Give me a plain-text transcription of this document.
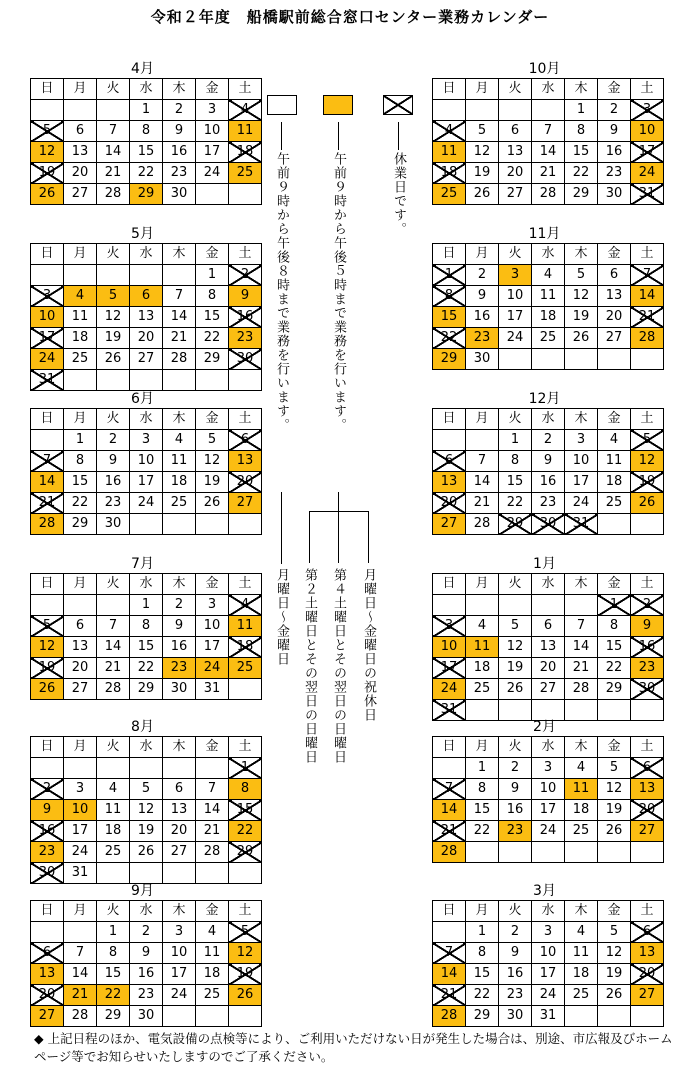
令和２年度　船橋駅前総合窓口センター業務カレンダー
4月
日	月	火	水	木	金	土
			1	2	3	4
5	6	7	8	9	10	11
12	13	14	15	16	17	18
19	20	21	22	23	24	25
26	27	28	29	30		
5月
日	月	火	水	木	金	土
					1	2
3	4	5	6	7	8	9
10	11	12	13	14	15	16
17	18	19	20	21	22	23
24	25	26	27	28	29	30
31						
6月
日	月	火	水	木	金	土
	1	2	3	4	5	6
7	8	9	10	11	12	13
14	15	16	17	18	19	20
21	22	23	24	25	26	27
28	29	30				
7月
日	月	火	水	木	金	土
			1	2	3	4
5	6	7	8	9	10	11
12	13	14	15	16	17	18
19	20	21	22	23	24	25
26	27	28	29	30	31	
8月
日	月	火	水	木	金	土
						1
2	3	4	5	6	7	8
9	10	11	12	13	14	15
16	17	18	19	20	21	22
23	24	25	26	27	28	29
30	31					
9月
日	月	火	水	木	金	土
		1	2	3	4	5
6	7	8	9	10	11	12
13	14	15	16	17	18	19
20	21	22	23	24	25	26
27	28	29	30			
10月
日	月	火	水	木	金	土
				1	2	3
4	5	6	7	8	9	10
11	12	13	14	15	16	17
18	19	20	21	22	23	24
25	26	27	28	29	30	31
11月
日	月	火	水	木	金	土
1	2	3	4	5	6	7
8	9	10	11	12	13	14
15	16	17	18	19	20	21
22	23	24	25	26	27	28
29	30					
12月
日	月	火	水	木	金	土
		1	2	3	4	5
6	7	8	9	10	11	12
13	14	15	16	17	18	19
20	21	22	23	24	25	26
27	28	29	30	31		
1月
日	月	火	水	木	金	土
					1	2
3	4	5	6	7	8	9
10	11	12	13	14	15	16
17	18	19	20	21	22	23
24	25	26	27	28	29	30
31						
2月
日	月	火	水	木	金	土
	1	2	3	4	5	6
7	8	9	10	11	12	13
14	15	16	17	18	19	20
21	22	23	24	25	26	27
28						
3月
日	月	火	水	木	金	土
	1	2	3	4	5	6
7	8	9	10	11	12	13
14	15	16	17	18	19	20
21	22	23	24	25	26	27
28	29	30	31			
午前９時から午後８時まで業務を行います。	午前９時から午後５時まで業務を行います。	休業日です。
月曜日～金曜日 第２土曜日とその翌日の日曜日 第４土曜日とその翌日の日曜日 月曜日～金曜日の祝休日
◆ 上記日程のほか、電気設備の点検等により、ご利用いただけない日が発生した場合は、別途、市広報及びホームページ等でお知らせいたしますのでご了承ください。
